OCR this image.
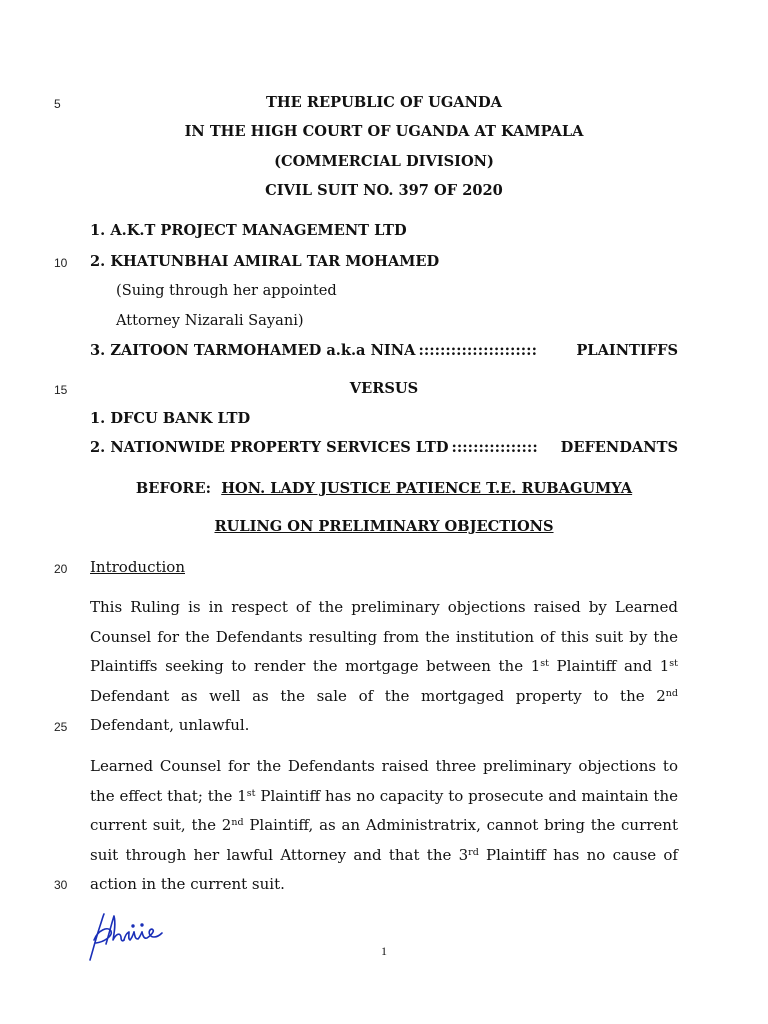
5
10
15
20
25
30
THE REPUBLIC OF UGANDA
IN THE HIGH COURT OF UGANDA AT KAMPALA
(COMMERCIAL DIVISION)
CIVIL SUIT NO. 397 OF 2020
1. A.K.T PROJECT MANAGEMENT LTD
2. KHATUNBHAI AMIRAL TAR MOHAMED
(Suing through her appointed
Attorney Nizarali Sayani)
3. ZAITOON TARMOHAMED a.k.a NINA ::::::::::::::::::::::	PLAINTIFFS
VERSUS
1. DFCU BANK LTD
2. NATIONWIDE PROPERTY SERVICES LTD ::::::::::::::::	DEFENDANTS
BEFORE: HON. LADY JUSTICE PATIENCE T.E. RUBAGUMYA
RULING ON PRELIMINARY OBJECTIONS
Introduction
This Ruling is in respect of the preliminary objections raised by Learned Counsel for the Defendants resulting from the institution of this suit by the Plaintiffs seeking to render the mortgage between the 1st Plaintiff and 1st Defendant as well as the sale of the mortgaged property to the 2nd Defendant, unlawful.
Learned Counsel for the Defendants raised three preliminary objections to the effect that; the 1st Plaintiff has no capacity to prosecute and maintain the current suit, the 2nd Plaintiff, as an Administratrix, cannot bring the current suit through her lawful Attorney and that the 3rd Plaintiff has no cause of action in the current suit.
1
